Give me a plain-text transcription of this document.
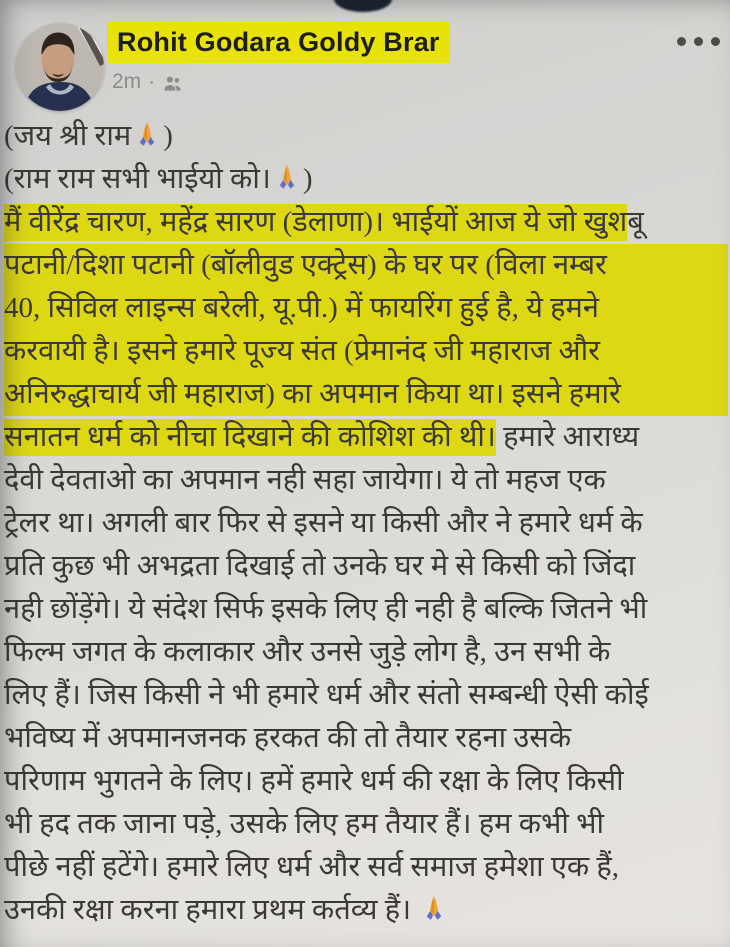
Rohit Godara Goldy Brar
2m ·
(जय श्री राम )
(राम राम सभी भाईयो को। )
मैं वीरेंद्र चारण, महेंद्र सारण (डेलाणा)। भाईयों आज ये जो खुशबू
पटानी/दिशा पटानी (बॉलीवुड एक्ट्रेस) के घर पर (विला नम्बर
40, सिविल लाइन्स बरेली, यू.पी.) में फायरिंग हुई है, ये हमने
करवायी है। इसने हमारे पूज्य संत (प्रेमानंद जी महाराज और
अनिरुद्धाचार्य जी महाराज) का अपमान किया था। इसने हमारे
सनातन धर्म को नीचा दिखाने की कोशिश की थी। हमारे आराध्य
देवी देवताओ का अपमान नही सहा जायेगा। ये तो महज एक
ट्रेलर था। अगली बार फिर से इसने या किसी और ने हमारे धर्म के
प्रति कुछ भी अभद्रता दिखाई तो उनके घर मे से किसी को जिंदा
नही छोंड़ेंगे। ये संदेश सिर्फ इसके लिए ही नही है बल्कि जितने भी
फिल्म जगत के कलाकार और उनसे जुड़े लोग है, उन सभी के
लिए हैं। जिस किसी ने भी हमारे धर्म और संतो सम्बन्धी ऐसी कोई
भविष्य में अपमानजनक हरकत की तो तैयार रहना उसके
परिणाम भुगतने के लिए। हमें हमारे धर्म की रक्षा के लिए किसी
भी हद तक जाना पड़े, उसके लिए हम तैयार हैं। हम कभी भी
पीछे नहीं हटेंगे। हमारे लिए धर्म और सर्व समाज हमेशा एक हैं,
उनकी रक्षा करना हमारा प्रथम कर्तव्य हैं।
